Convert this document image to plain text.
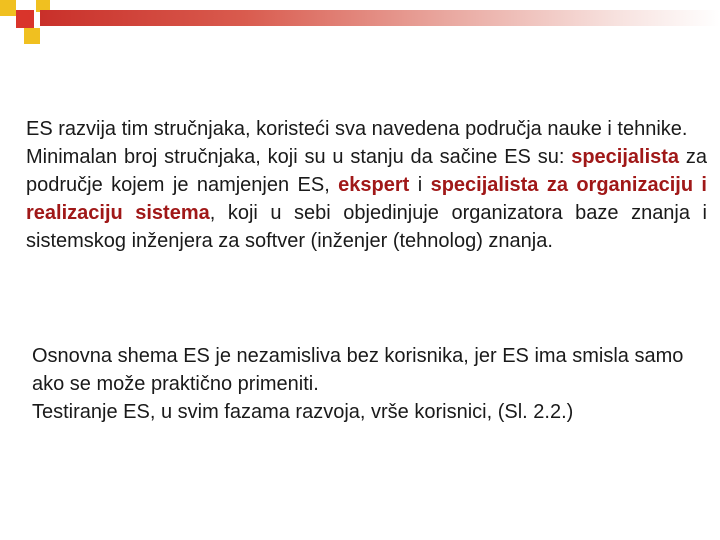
ES razvija tim stručnjaka, koristeći sva navedena područja nauke i tehnike.

Minimalan broj stručnjaka, koji su u stanju da sačine ES su: specijalista za područje kojem je namjenjen ES, ekspert i specijalista za organizaciju i realizaciju sistema, koji u sebi objedinjuje organizatora baze znanja i sistemskog inženjera za softver (inženjer (tehnolog) znanja.

Osnovna shema ES je nezamisliva bez korisnika, jer ES ima smisla samo ako se može praktično primeniti.

Testiranje ES, u svim fazama razvoja, vrše korisnici, (Sl. 2.2.)
